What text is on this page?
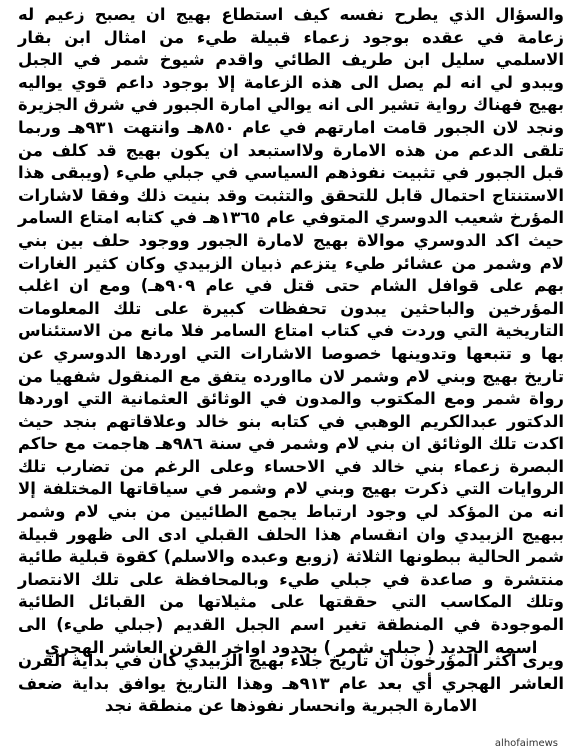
والسؤال الذي يطرح نفسه كيف استطاع بهيج ان يصبح زعيم له زعامة في عقده بوجود زعماء قبيلة طيء من امثال ابن بقار الاسلمي سليل ابن طريف الطائي واقدم شيوخ شمر في الجبل ويبدو لي انه لم يصل الى هذه الزعامة إلا بوجود داعم قوي يواليه بهيج فهناك رواية تشير الى انه يوالي امارة الجبور في شرق الجزيرة ونجد لان الجبور قامت امارتهم في عام ٨٥٠هـ وانتهت ٩٣١هـ وربما تلقى الدعم من هذه الامارة ولااستبعد ان يكون بهيج قد كلف من قبل الجبور في تثبيت نفوذهم السياسي في جبلي طيء (ويبقى هذا الاستنتاج احتمال قابل للتحقق والتثبت وقد بنيت ذلك وفقا لاشارات المؤرخ شعيب الدوسري المتوفي عام ١٣٦٥هـ في كتابه امتاع السامر حيث اكد الدوسري موالاة بهيج لامارة الجبور ووجود حلف بين بني لام وشمر من عشائر طيء يتزعم ذبيان الزبيدي وكان كثير الغارات بهم على قوافل الشام حتى قتل في عام ٩٠٩هـ) ومع ان اغلب المؤرخين والباحثين يبدون تحفظات كبيرة على تلك المعلومات التاريخية التي وردت في كتاب امتاع السامر فلا مانع من الاستئناس بها و تتبعها وتدوينها خصوصا الاشارات التي اوردها الدوسري عن تاريخ بهيج وبني لام وشمر لان مااورده يتفق مع المنقول شفهيا من رواة شمر ومع المكتوب والمدون في الوثائق العثمانية التي اوردها الدكتور عبدالكريم الوهبي في كتابه بنو خالد وعلاقاتهم بنجد حيث اكدت تلك الوثائق ان بني لام وشمر في سنة ٩٨٦هـ هاجمت مع حاكم البصرة زعماء بني خالد في الاحساء وعلى الرغم من تضارب تلك الروايات التي ذكرت بهيج وبني لام وشمر في سياقاتها المختلفة إلا انه من المؤكد لي وجود ارتباط يجمع الطائيين من بني لام وشمر ببهيج الزبيدي وان انقسام هذا الحلف القبلي ادى الى ظهور قبيلة شمر الحالية ببطونها الثلاثة (زوبع وعبده والاسلم) كقوة قبلية طائية منتشرة و صاعدة في جبلي طيء وبالمحافظة على تلك الانتصار وتلك المكاسب التي حققتها على مثيلاتها من القبائل الطائية الموجودة في المنطقة تغير اسم الجبل القديم (جبلي طيء) الى اسمه الجديد ( جبلي شمر ) بحدود اواخر القرن العاشر الهجري

ويرى اكثر المؤرخون ان تاريخ جلاء بهيج الزبيدي كان في بداية القرن العاشر الهجري أي بعد عام ٩١٣هـ وهذا التاريخ يوافق بداية ضعف الامارة الجبرية وانحسار نفوذها عن منطقة نجد

alhofaimews
